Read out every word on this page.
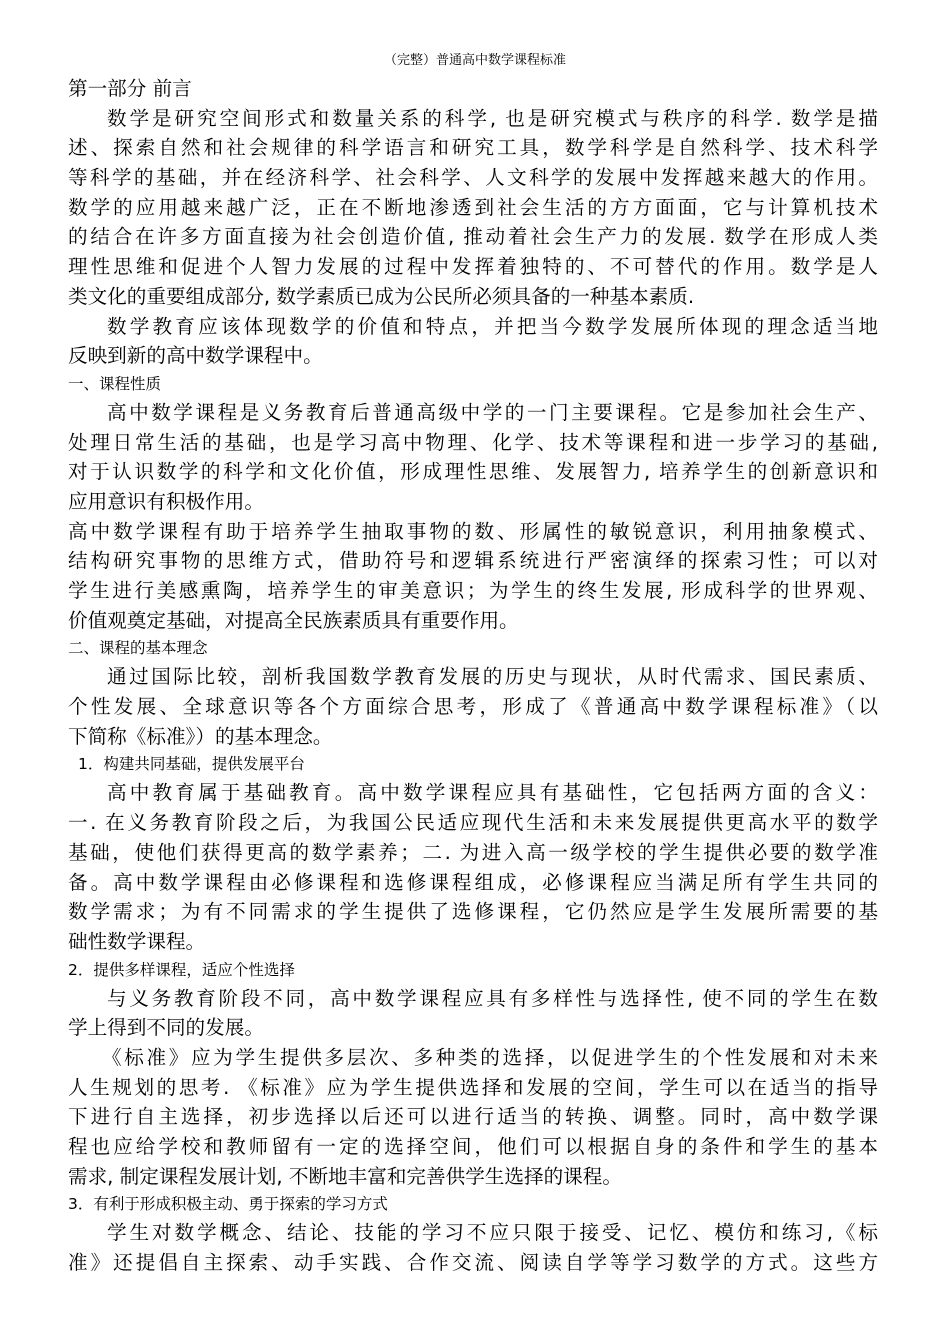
（完整）普通高中数学课程标准
第一部分 前言
数学是研究空间形式和数量关系的科学, 也是研究模式与秩序的科学. 数学是描
述、探索自然和社会规律的科学语言和研究工具，数学科学是自然科学、技术科学
等科学的基础，并在经济科学、社会科学、人文科学的发展中发挥越来越大的作用。
数学的应用越来越广泛，正在不断地渗透到社会生活的方方面面，它与计算机技术
的结合在许多方面直接为社会创造价值, 推动着社会生产力的发展. 数学在形成人类
理性思维和促进个人智力发展的过程中发挥着独特的、不可替代的作用。数学是人
类文化的重要组成部分, 数学素质已成为公民所必须具备的一种基本素质.
数学教育应该体现数学的价值和特点，并把当今数学发展所体现的理念适当地
反映到新的高中数学课程中。
一、课程性质
高中数学课程是义务教育后普通高级中学的一门主要课程。它是参加社会生产、
处理日常生活的基础，也是学习高中物理、化学、技术等课程和进一步学习的基础,
对于认识数学的科学和文化价值，形成理性思维、发展智力, 培养学生的创新意识和
应用意识有积极作用。
高中数学课程有助于培养学生抽取事物的数、形属性的敏锐意识，利用抽象模式、
结构研究事物的思维方式，借助符号和逻辑系统进行严密演绎的探索习性；可以对
学生进行美感熏陶，培养学生的审美意识；为学生的终生发展, 形成科学的世界观、
价值观奠定基础，对提高全民族素质具有重要作用。
二、课程的基本理念
通过国际比较，剖析我国数学教育发展的历史与现状，从时代需求、国民素质、
个性发展、全球意识等各个方面综合思考，形成了《普通高中数学课程标准》（以
下简称《标准》）的基本理念。
1．构建共同基础，提供发展平台
高中教育属于基础教育。高中数学课程应具有基础性，它包括两方面的含义：
一. 在义务教育阶段之后，为我国公民适应现代生活和未来发展提供更高水平的数学
基础，使他们获得更高的数学素养；二. 为进入高一级学校的学生提供必要的数学准
备。高中数学课程由必修课程和选修课程组成，必修课程应当满足所有学生共同的
数学需求；为有不同需求的学生提供了选修课程，它仍然应是学生发展所需要的基
础性数学课程。
2．提供多样课程，适应个性选择
与义务教育阶段不同，高中数学课程应具有多样性与选择性, 使不同的学生在数
学上得到不同的发展。
《标准》应为学生提供多层次、多种类的选择，以促进学生的个性发展和对未来
人生规划的思考. 《标准》应为学生提供选择和发展的空间，学生可以在适当的指导
下进行自主选择，初步选择以后还可以进行适当的转换、调整。同时，高中数学课
程也应给学校和教师留有一定的选择空间，他们可以根据自身的条件和学生的基本
需求, 制定课程发展计划, 不断地丰富和完善供学生选择的课程。
3．有利于形成积极主动、勇于探索的学习方式
学生对数学概念、结论、技能的学习不应只限于接受、记忆、模仿和练习,《标
准》还提倡自主探索、动手实践、合作交流、阅读自学等学习数学的方式。这些方
